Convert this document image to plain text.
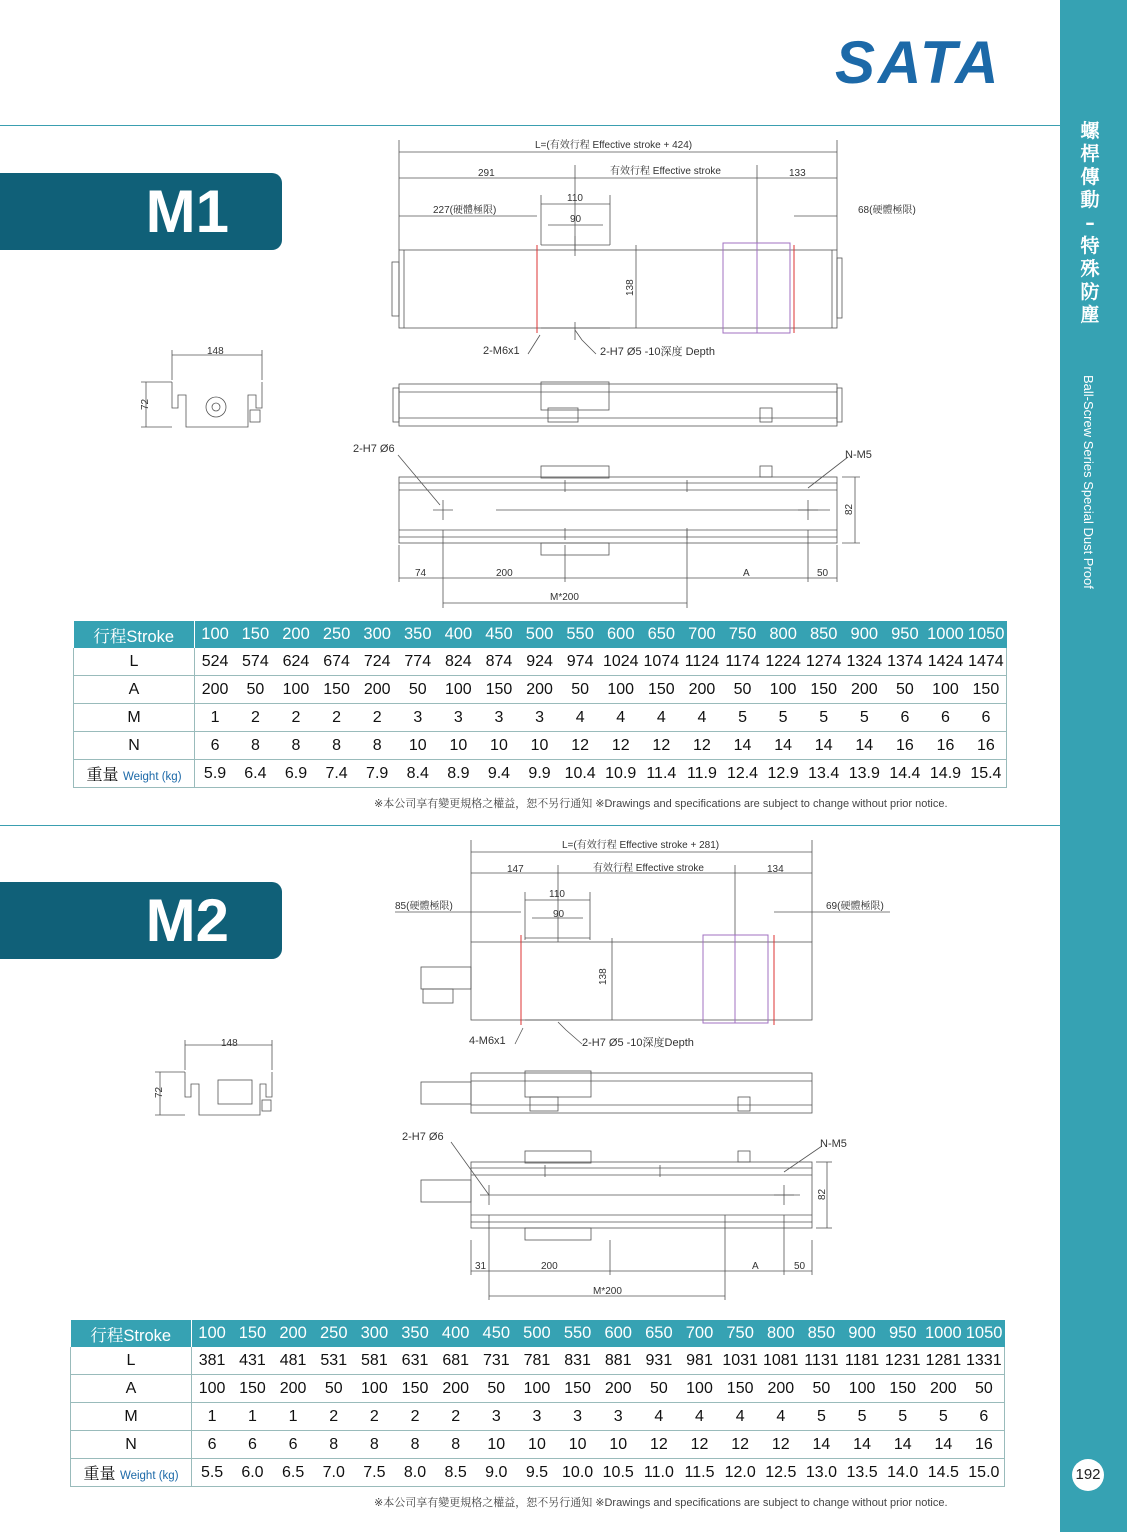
螺
桿
傳
動
–
特
殊
防
塵
Ball-Screw Series Special Dust Proof
192
SATA
M1
L=(有效行程 Effective stroke + 424)
291	有效行程 Effective stroke	133
227(硬體極限)
110
90
68(硬體極限)
138
148
72
2-M6x1	2-H7 Ø5 -10深度 Depth
2-H7 Ø6	N-M5
82
74	200	A	50
M*200
行程Stroke	100	150	200	250	300	350	400	450	500	550	600	650	700	750	800	850	900	950	1000	1050
L	524	574	624	674	724	774	824	874	924	974	1024	1074	1124	1174	1224	1274	1324	1374	1424	1474
A	200	50	100	150	200	50	100	150	200	50	100	150	200	50	100	150	200	50	100	150
M	1	2	2	2	2	3	3	3	3	4	4	4	4	5	5	5	5	6	6	6
N	6	8	8	8	8	10	10	10	10	12	12	12	12	14	14	14	14	16	16	16
重量 Weight (kg)	5.9	6.4	6.9	7.4	7.9	8.4	8.9	9.4	9.9	10.4	10.9	11.4	11.9	12.4	12.9	13.4	13.9	14.4	14.9	15.4
※本公司享有變更規格之權益，恕不另行通知 ※Drawings and specifications are subject to change without prior notice.
M2
L=(有效行程 Effective stroke + 281)
147	有效行程 Effective stroke	134
85(硬體極限)
110
90
69(硬體極限)
138
148
72
4-M6x1	2-H7 Ø5 -10深度Depth
2-H7 Ø6
N-M5
82
31	200	A	50
M*200
行程Stroke	100	150	200	250	300	350	400	450	500	550	600	650	700	750	800	850	900	950	1000	1050
L	381	431	481	531	581	631	681	731	781	831	881	931	981	1031	1081	1131	1181	1231	1281	1331
A	100	150	200	50	100	150	200	50	100	150	200	50	100	150	200	50	100	150	200	50
M	1	1	1	2	2	2	2	3	3	3	3	4	4	4	4	5	5	5	5	6
N	6	6	6	8	8	8	8	10	10	10	10	12	12	12	12	14	14	14	14	16
重量 Weight (kg)	5.5	6.0	6.5	7.0	7.5	8.0	8.5	9.0	9.5	10.0	10.5	11.0	11.5	12.0	12.5	13.0	13.5	14.0	14.5	15.0
※本公司享有變更規格之權益，恕不另行通知 ※Drawings and specifications are subject to change without prior notice.
